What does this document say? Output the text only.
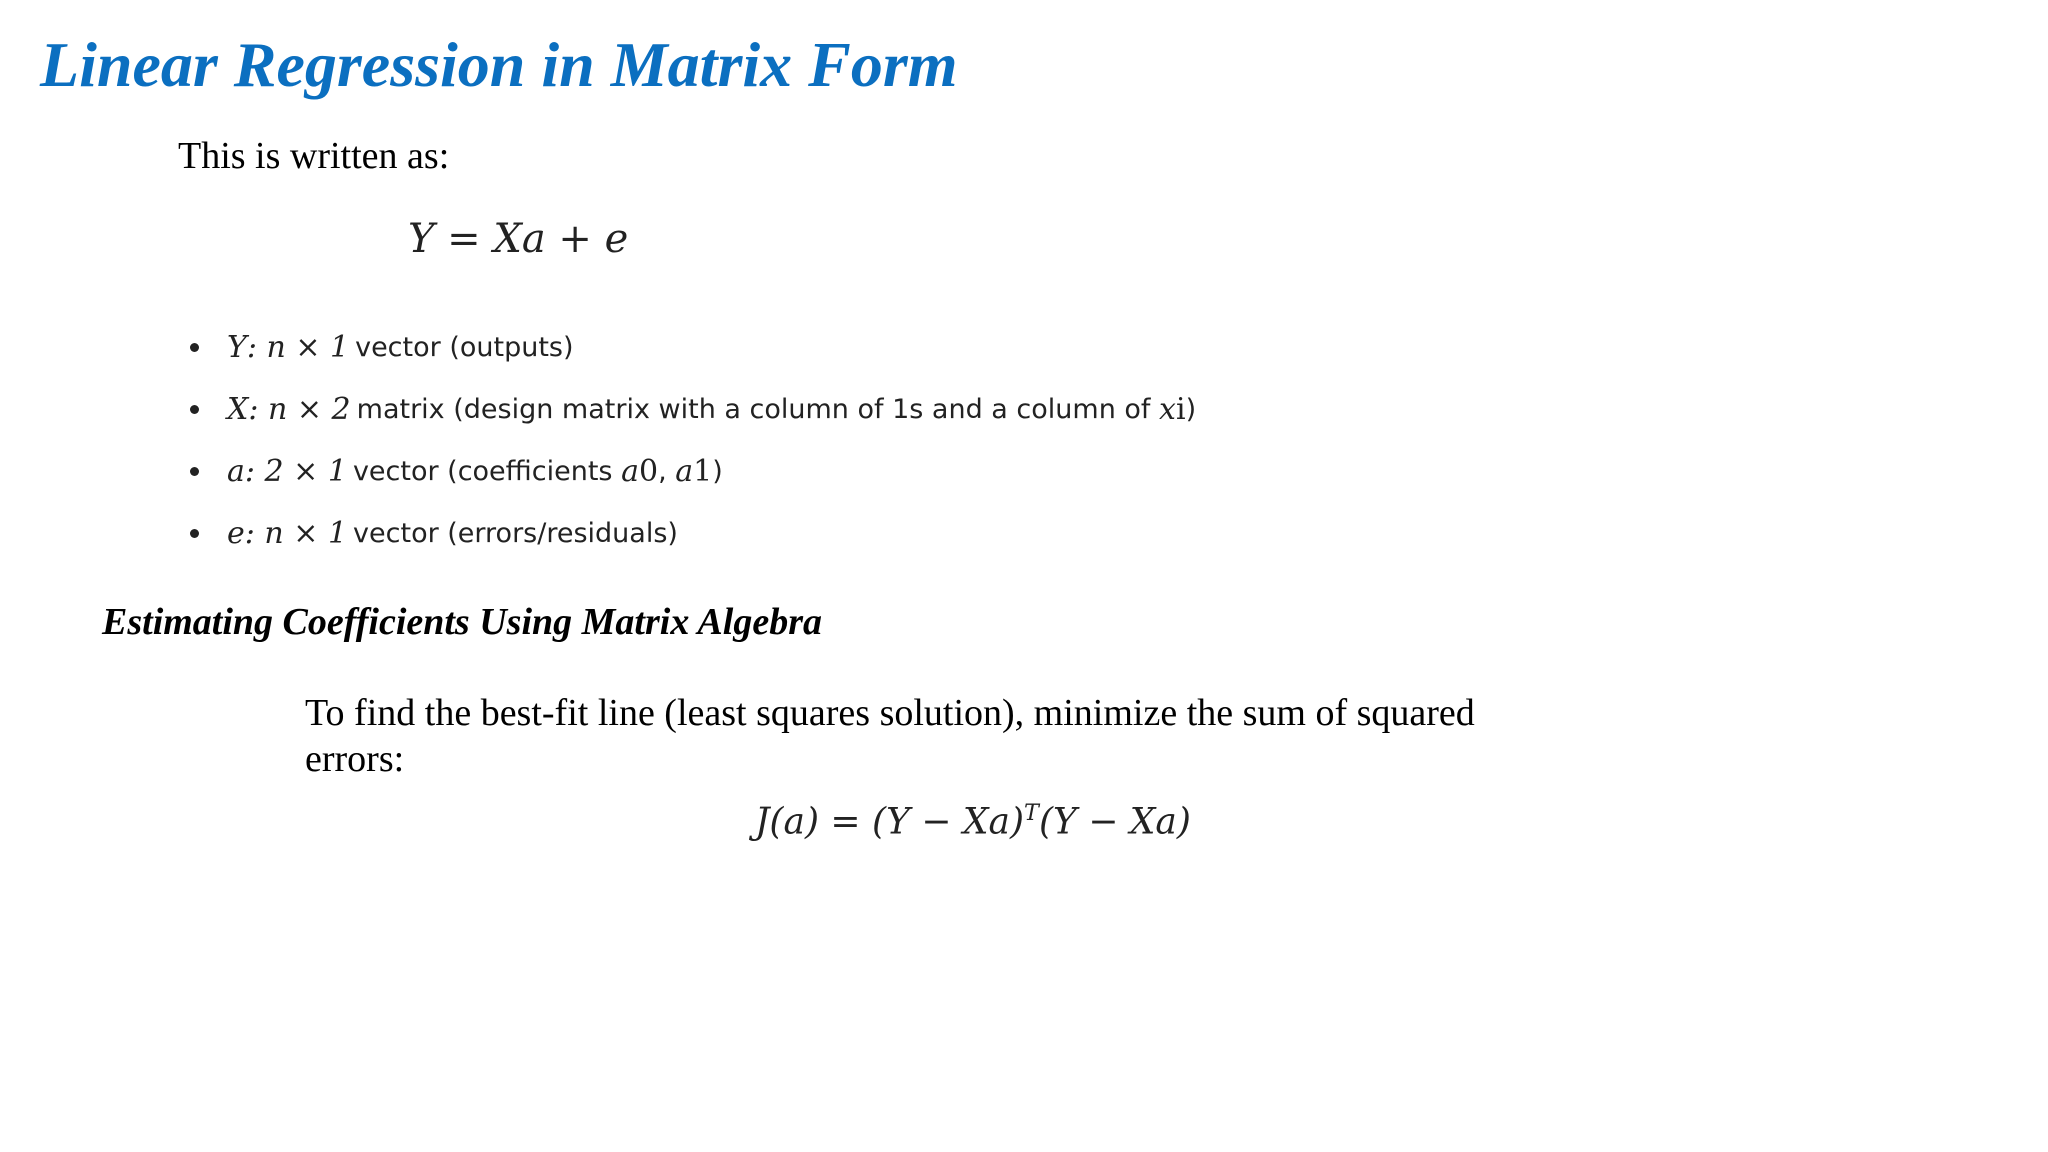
Linear Regression in Matrix Form

This is written as:

Y = Xa + e
Y : n × 1 vector (outputs)
X : n × 2 matrix (design matrix with a column of 1s and a column of
x i )
a : 2 × 1 vector (coefficients
a 0 ,
a 1 )
e : n × 1 vector (errors/residuals)
Estimating Coefficients Using Matrix Algebra

To find the best-fit line (least squares solution), minimize the sum of squared errors:

$J(a) = (Y - Xa)^T(Y - Xa)$
